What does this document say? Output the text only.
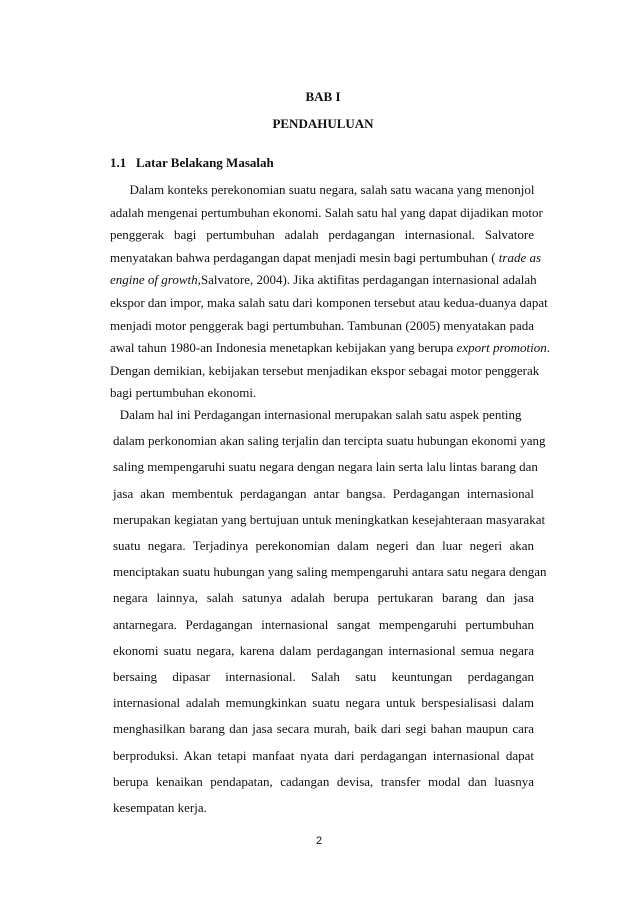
BAB I
PENDAHULUAN
1.1 Latar Belakang Masalah
Dalam konteks perekonomian suatu negara, salah satu wacana yang menonjol
adalah mengenai pertumbuhan ekonomi. Salah satu hal yang dapat dijadikan motor
penggerak bagi pertumbuhan adalah perdagangan internasional. Salvatore
menyatakan bahwa perdagangan dapat menjadi mesin bagi pertumbuhan ( trade as
engine of growth,Salvatore, 2004). Jika aktifitas perdagangan internasional adalah
ekspor dan impor, maka salah satu dari komponen tersebut atau kedua-duanya dapat
menjadi motor penggerak bagi pertumbuhan. Tambunan (2005) menyatakan pada
awal tahun 1980-an Indonesia menetapkan kebijakan yang berupa export promotion.
Dengan demikian, kebijakan tersebut menjadikan ekspor sebagai motor penggerak
bagi pertumbuhan ekonomi.
Dalam hal ini Perdagangan internasional merupakan salah satu aspek penting
dalam perkonomian akan saling terjalin dan tercipta suatu hubungan ekonomi yang
saling mempengaruhi suatu negara dengan negara lain serta lalu lintas barang dan
jasa akan membentuk perdagangan antar bangsa. Perdagangan internasional
merupakan kegiatan yang bertujuan untuk meningkatkan kesejahteraan masyarakat
suatu negara. Terjadinya perekonomian dalam negeri dan luar negeri akan
menciptakan suatu hubungan yang saling mempengaruhi antara satu negara dengan
negara lainnya, salah satunya adalah berupa pertukaran barang dan jasa
antarnegara. Perdagangan internasional sangat mempengaruhi pertumbuhan
ekonomi suatu negara, karena dalam perdagangan internasional semua negara
bersaing dipasar internasional. Salah satu keuntungan perdagangan
internasional adalah memungkinkan suatu negara untuk berspesialisasi dalam
menghasilkan barang dan jasa secara murah, baik dari segi bahan maupun cara
berproduksi. Akan tetapi manfaat nyata dari perdagangan internasional dapat
berupa kenaikan pendapatan, cadangan devisa, transfer modal dan luasnya
kesempatan kerja.
2
